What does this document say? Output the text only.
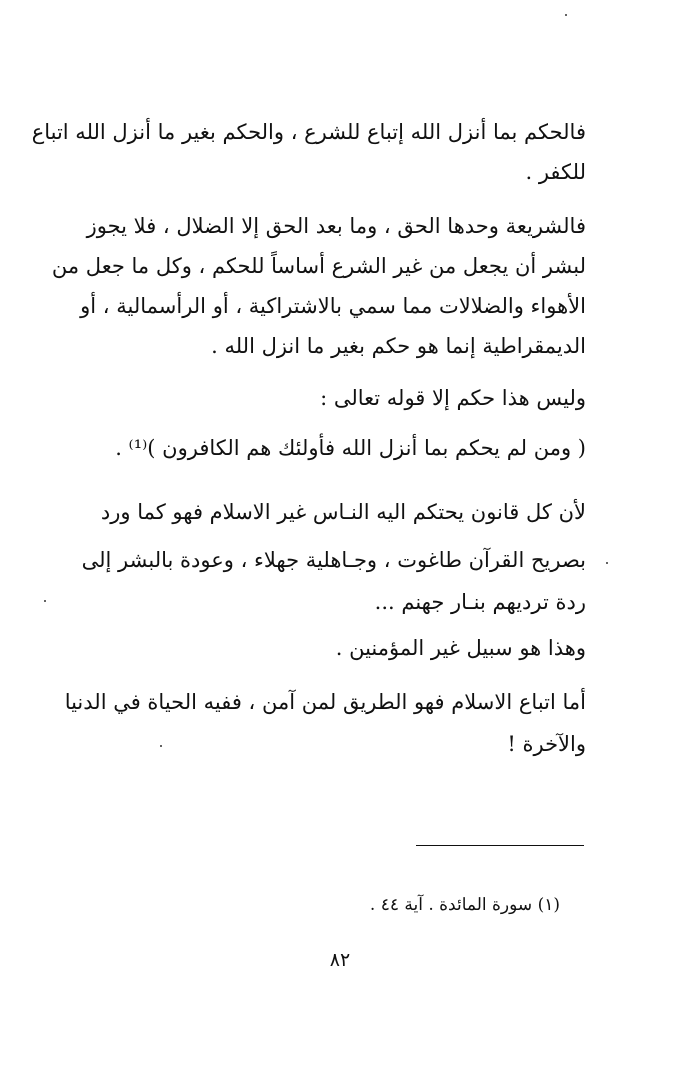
فالحكم بما أنزل الله إتباع للشرع ، والحكم بغير ما أنزل الله اتباع
للكفر .
فالشريعة وحدها الحق ، وما بعد الحق إلا الضلال ، فلا يجوز
لبشر أن يجعل من غير الشرع أساساً للحكم ، وكل ما جعل من
الأهواء والضلالات مما سمي بالاشتراكية ، أو الرأسمالية ، أو
الديمقراطية إنما هو حكم بغير ما انزل الله .
وليس هذا حكم إلا قوله تعالى :
( ومن لم يحكم بما أنزل الله فأولئك هم الكافرون )⁽¹⁾ .
لأن كل قانون يحتكم اليه النـاس غير الاسلام فهو كما ورد
بصريح القرآن طاغوت ، وجـاهلية جهلاء ، وعودة بالبشر إلى
ردة ترديهم بنـار جهنم ...
وهذا هو سبيل غير المؤمنين .
أما اتباع الاسلام فهو الطريق لمن آمن ، ففيه الحياة في الدنيا
والآخرة !
(١) سورة المائدة . آية ٤٤ .
٨٢
